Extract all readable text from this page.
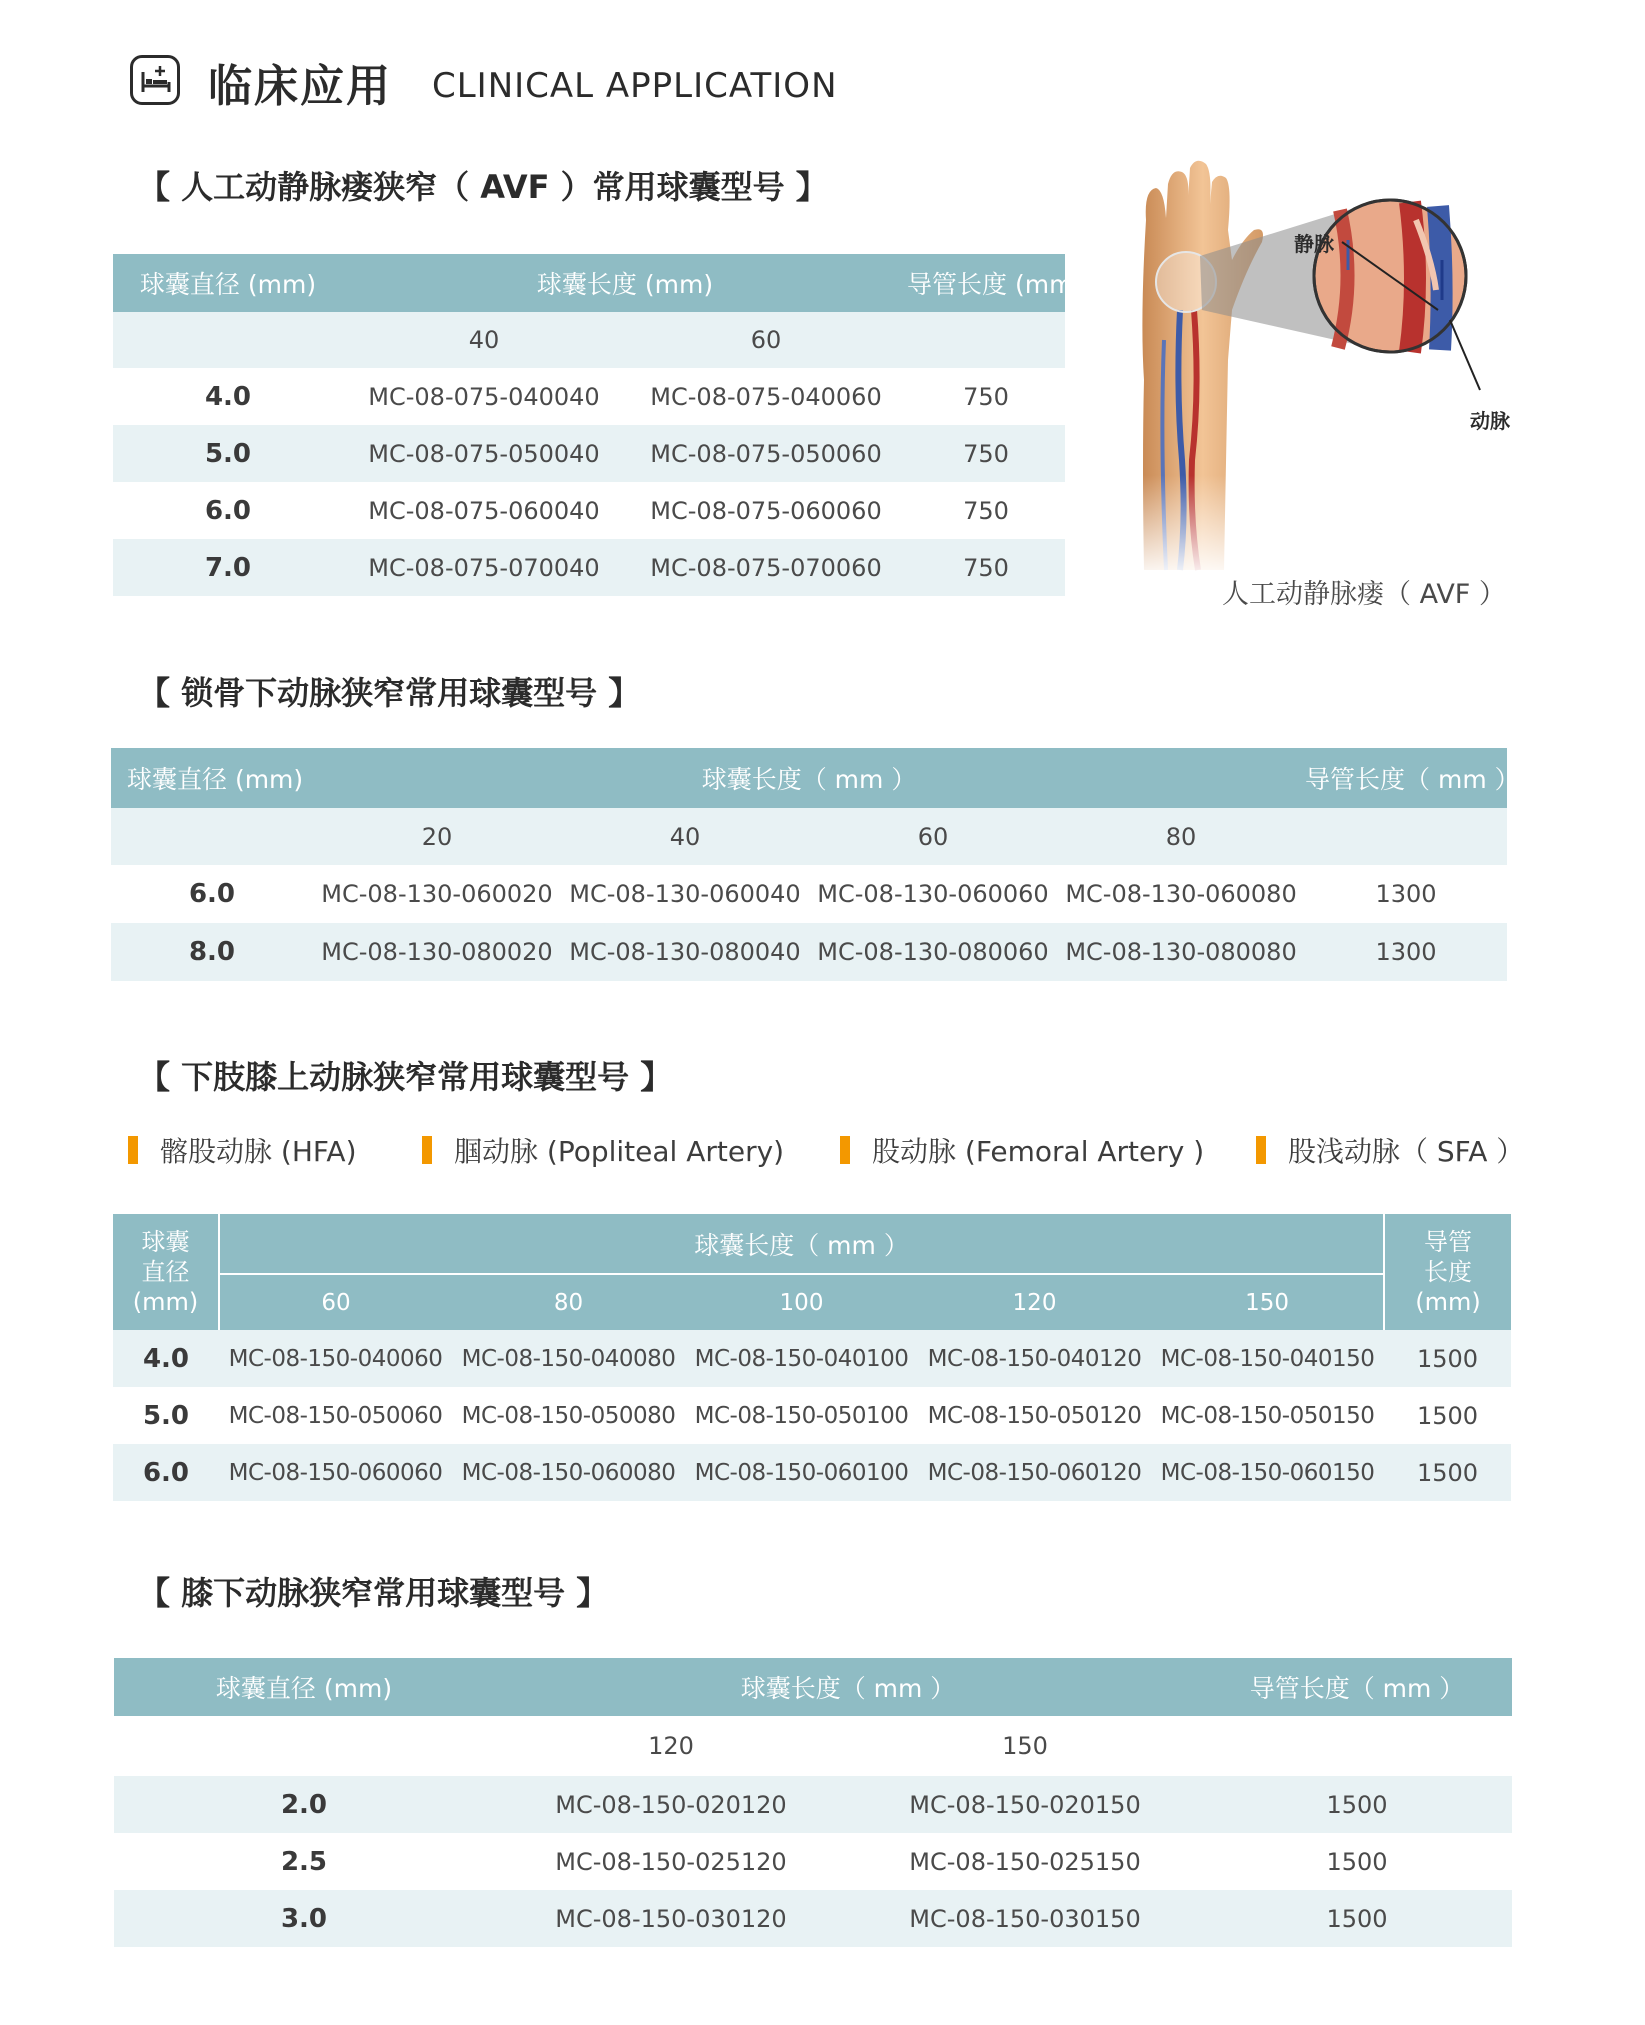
临床应用 CLINICAL APPLICATION
【 人工动静脉瘘狭窄（ AVF ）常用球囊型号 】
球囊直径 (mm)	球囊长度 (mm)		导管长度 (mm)
	40	60	
4.0	MC-08-075-040040	MC-08-075-040060	750
5.0	MC-08-075-050040	MC-08-075-050060	750
6.0	MC-08-075-060040	MC-08-075-060060	750
7.0	MC-08-075-070040	MC-08-075-070060	750
静脉
动脉
人工动静脉瘘（ AVF ）
【 锁骨下动脉狭窄常用球囊型号 】
球囊直径 (mm)	球囊长度（ mm ）				导管长度（ mm ）
	20	40	60	80	
6.0	MC-08-130-060020	MC-08-130-060040	MC-08-130-060060	MC-08-130-060080	1300
8.0	MC-08-130-080020	MC-08-130-080040	MC-08-130-080060	MC-08-130-080080	1300
【 下肢膝上动脉狭窄常用球囊型号 】
髂股动脉 (HFA)	腘动脉 (Popliteal Artery)	股动脉 (Femoral Artery )	股浅动脉（ SFA ）
球囊直径(mm)	球囊长度（ mm ）					导管长度(mm)
	60	80	100	120	150	
4.0	MC-08-150-040060	MC-08-150-040080	MC-08-150-040100	MC-08-150-040120	MC-08-150-040150	1500
5.0	MC-08-150-050060	MC-08-150-050080	MC-08-150-050100	MC-08-150-050120	MC-08-150-050150	1500
6.0	MC-08-150-060060	MC-08-150-060080	MC-08-150-060100	MC-08-150-060120	MC-08-150-060150	1500
【 膝下动脉狭窄常用球囊型号 】
球囊直径 (mm)	球囊长度（ mm ）		导管长度（ mm ）
	120	150	
2.0	MC-08-150-020120	MC-08-150-020150	1500
2.5	MC-08-150-025120	MC-08-150-025150	1500
3.0	MC-08-150-030120	MC-08-150-030150	1500
